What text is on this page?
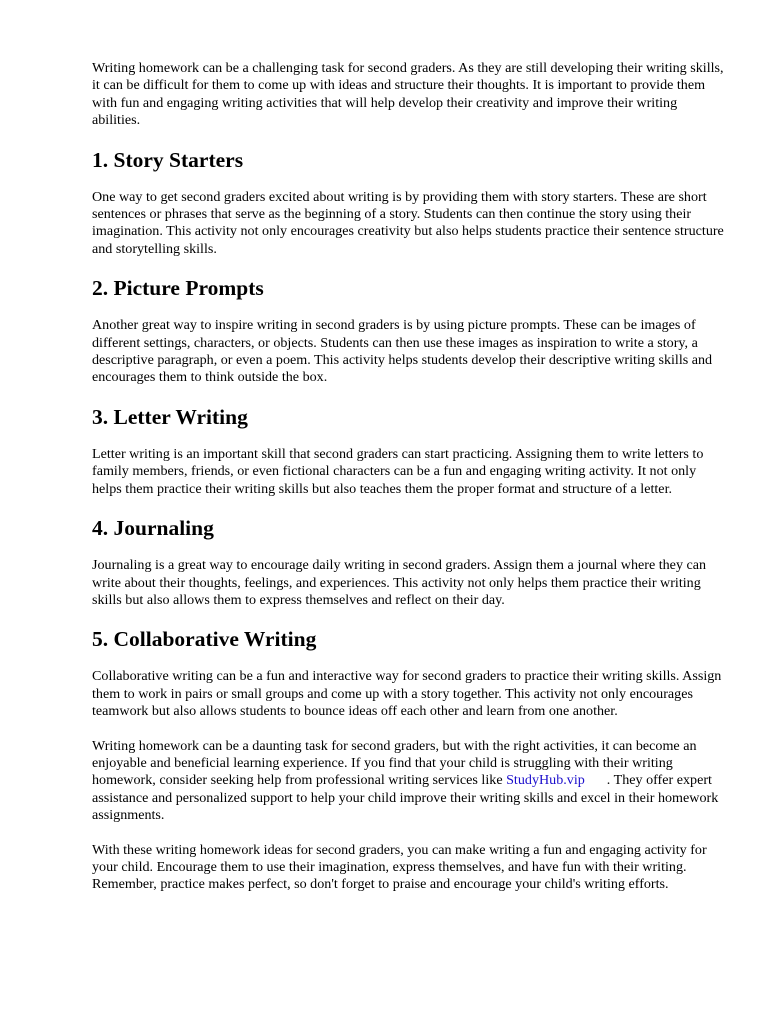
Writing homework can be a challenging task for second graders. As they are still developing their writing skills, it can be difficult for them to come up with ideas and structure their thoughts. It is important to provide them with fun and engaging writing activities that will help develop their creativity and improve their writing abilities.

1. Story Starters

One way to get second graders excited about writing is by providing them with story starters. These are short sentences or phrases that serve as the beginning of a story. Students can then continue the story using their imagination. This activity not only encourages creativity but also helps students practice their sentence structure and storytelling skills.

2. Picture Prompts

Another great way to inspire writing in second graders is by using picture prompts. These can be images of different settings, characters, or objects. Students can then use these images as inspiration to write a story, a descriptive paragraph, or even a poem. This activity helps students develop their descriptive writing skills and encourages them to think outside the box.

3. Letter Writing

Letter writing is an important skill that second graders can start practicing. Assigning them to write letters to family members, friends, or even fictional characters can be a fun and engaging writing activity. It not only helps them practice their writing skills but also teaches them the proper format and structure of a letter.

4. Journaling

Journaling is a great way to encourage daily writing in second graders. Assign them a journal where they can write about their thoughts, feelings, and experiences. This activity not only helps them practice their writing skills but also allows them to express themselves and reflect on their day.

5. Collaborative Writing

Collaborative writing can be a fun and interactive way for second graders to practice their writing skills. Assign them to work in pairs or small groups and come up with a story together. This activity not only encourages teamwork but also allows students to bounce ideas off each other and learn from one another.

Writing homework can be a daunting task for second graders, but with the right activities, it can become an enjoyable and beneficial learning experience. If you find that your child is struggling with their writing homework, consider seeking help from professional writing services like StudyHub.vip . They offer expert assistance and personalized support to help your child improve their writing skills and excel in their homework assignments.

With these writing homework ideas for second graders, you can make writing a fun and engaging activity for your child. Encourage them to use their imagination, express themselves, and have fun with their writing. Remember, practice makes perfect, so don't forget to praise and encourage your child's writing efforts.
